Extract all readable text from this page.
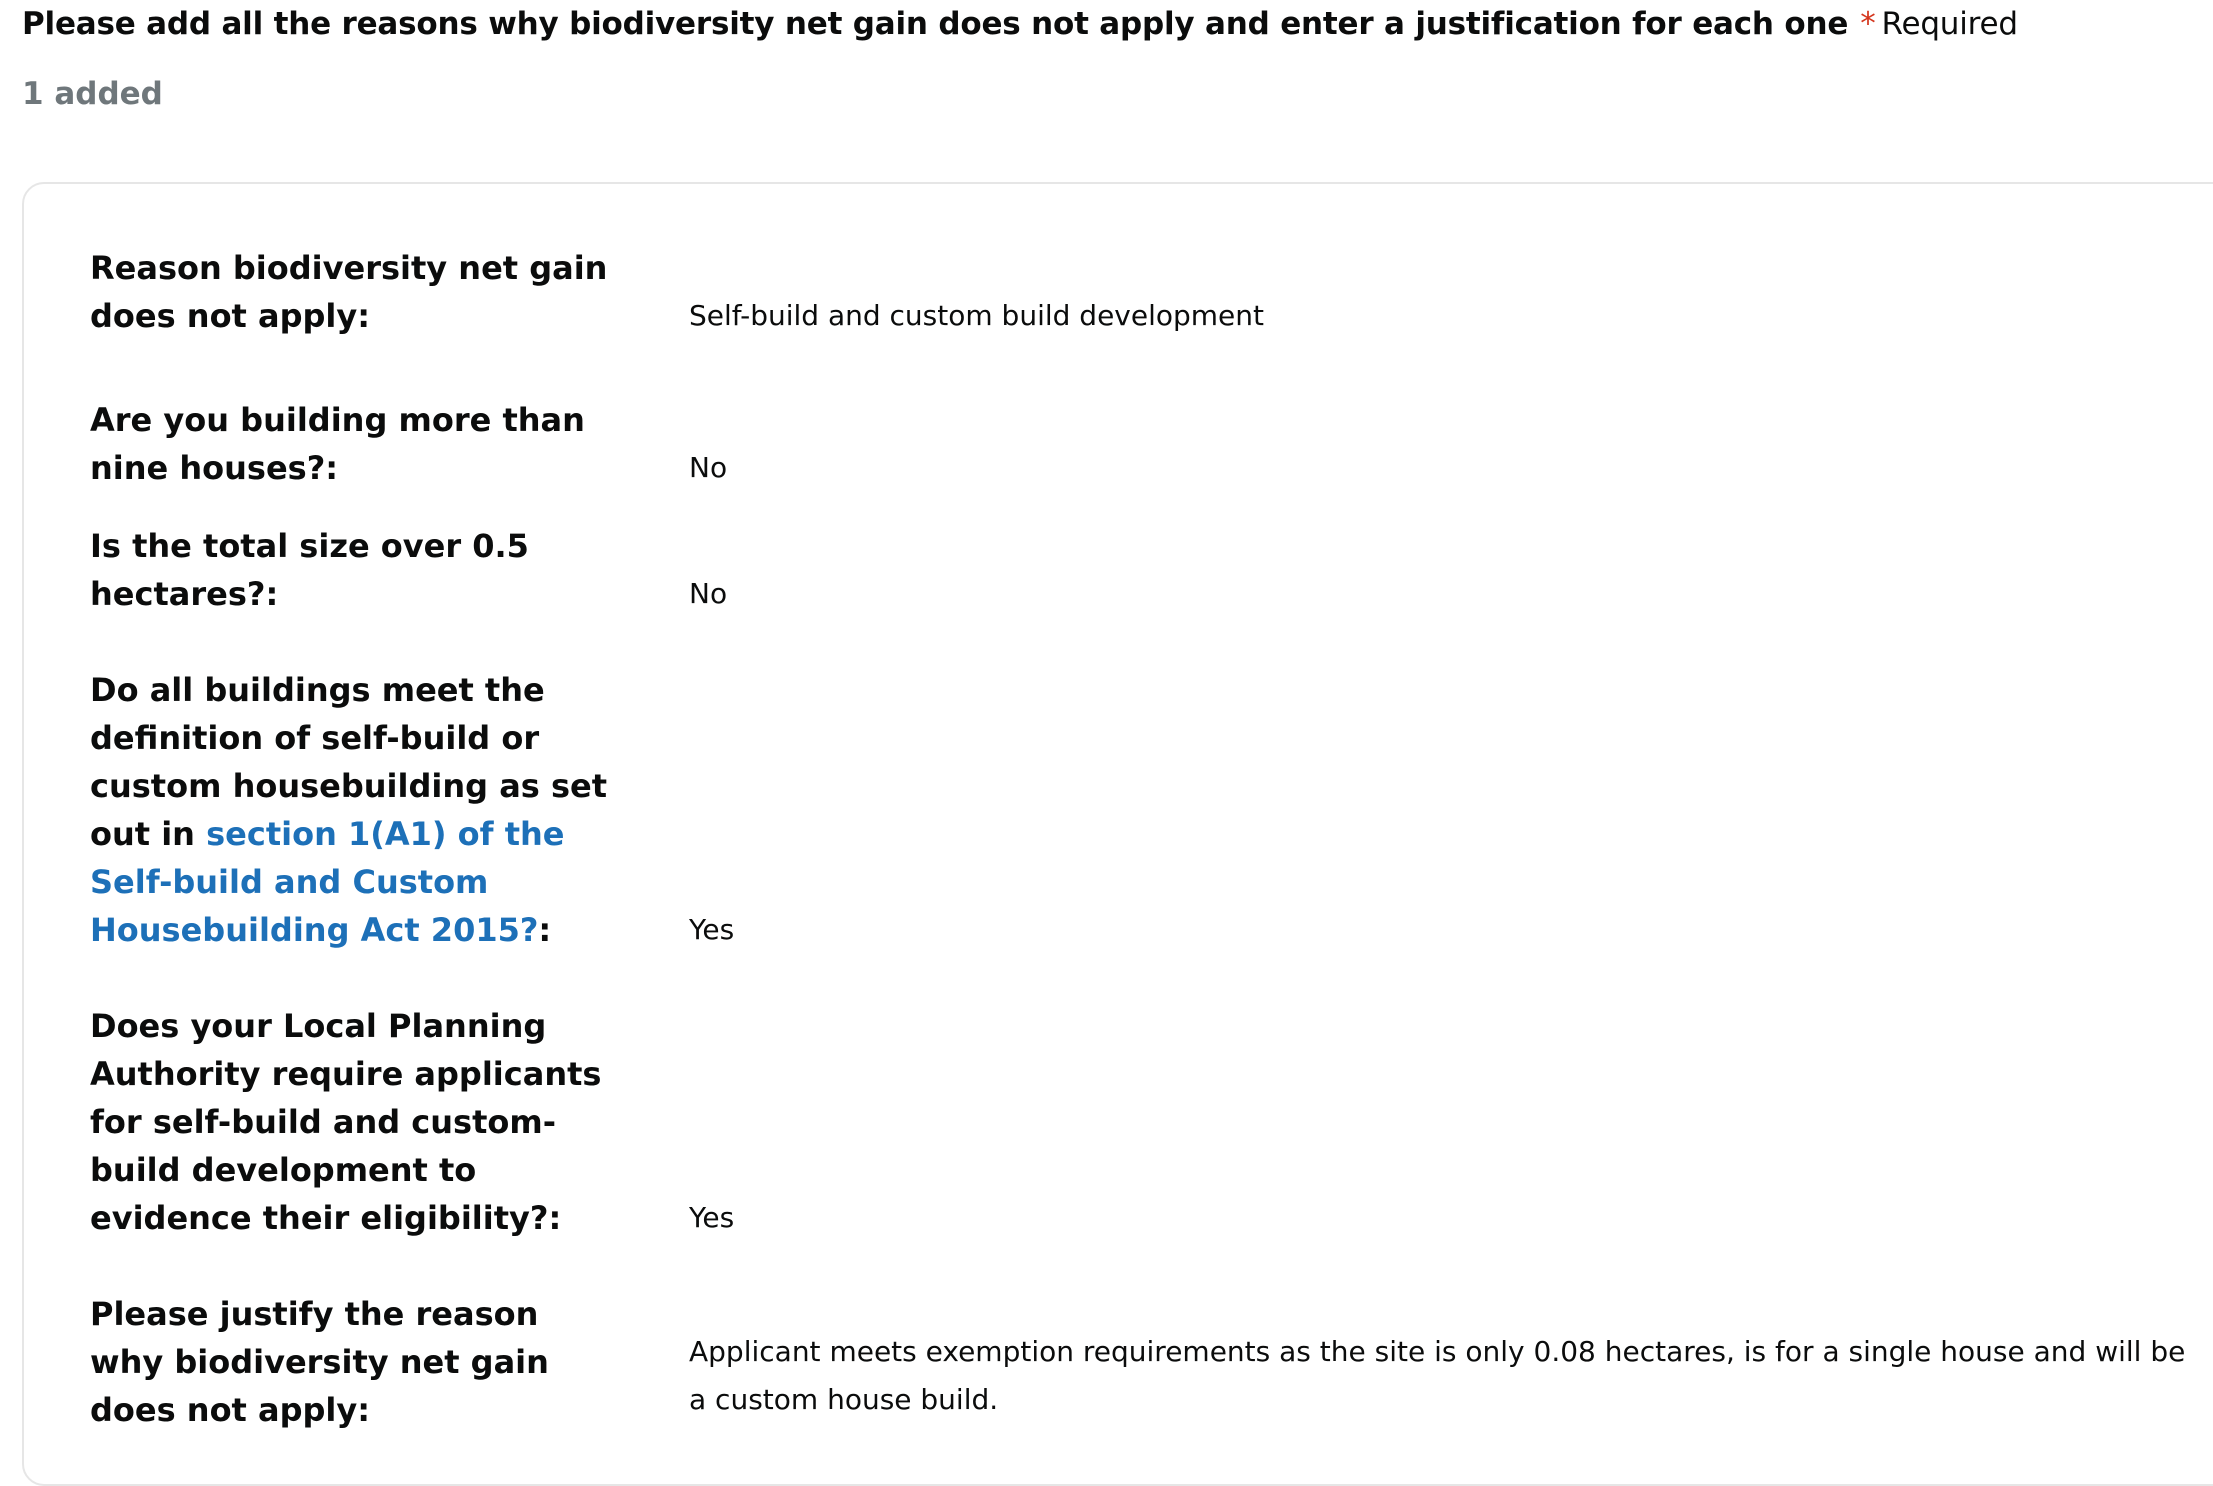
Please add all the reasons why biodiversity net gain does not apply and enter a justification for each one * Required
1 added
Reason biodiversity net gain does not apply:	Self-build and custom build development
Are you building more than nine houses?:	No
Is the total size over 0.5 hectares?:	No
Do all buildings meet the definition of self-build or custom housebuilding as set out in section 1(A1) of the Self-build and Custom Housebuilding Act 2015?:	Yes
Does your Local Planning Authority require applicants for self-build and custom-build development to evidence their eligibility?:	Yes
Please justify the reason why biodiversity net gain does not apply:
Applicant meets exemption requirements as the site is only 0.08 hectares, is for a single house and will be a custom house build.
